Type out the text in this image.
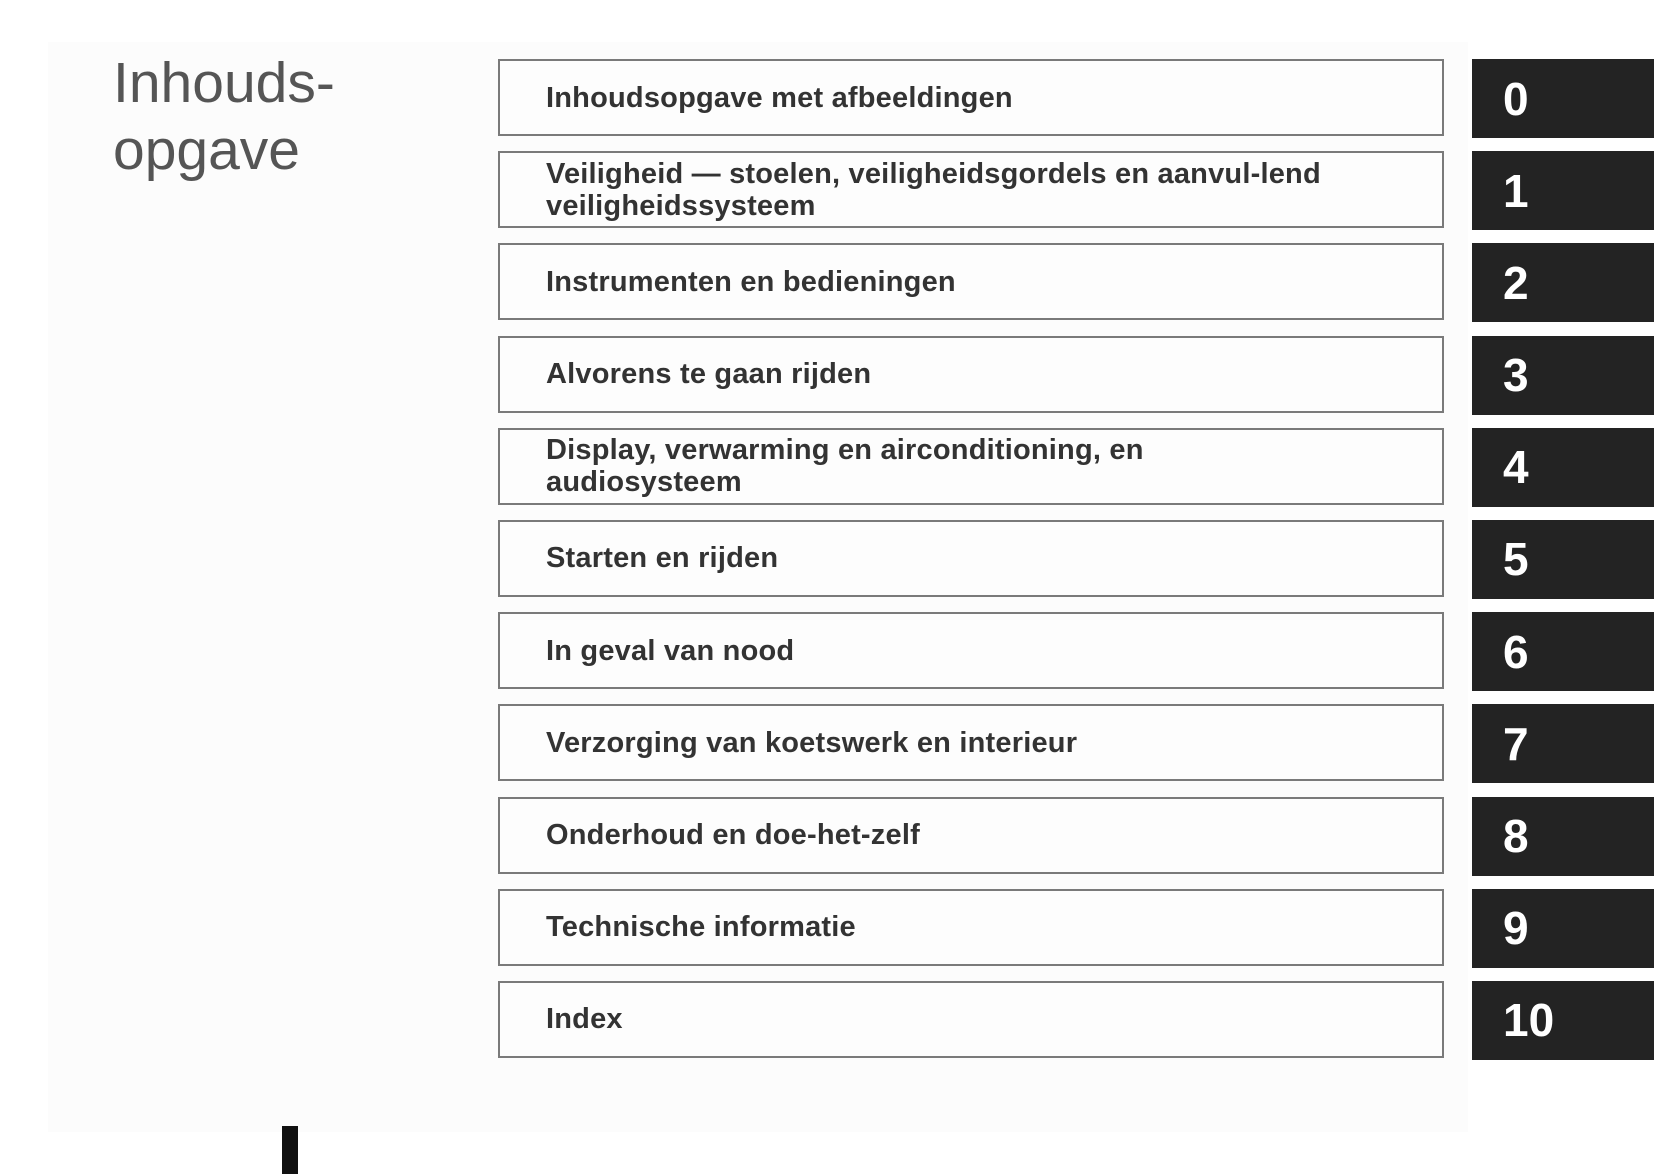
Inhouds-
opgave
Inhoudsopgave met afbeeldingen	0
Veiligheid — stoelen, veiligheidsgordels en aanvul-lend veiligheidssysteem	1
Instrumenten en bedieningen	2
Alvorens te gaan rijden	3
Display, verwarming en airconditioning, en audiosysteem	4
Starten en rijden	5
In geval van nood	6
Verzorging van koetswerk en interieur	7
Onderhoud en doe-het-zelf	8
Technische informatie	9
Index	10
